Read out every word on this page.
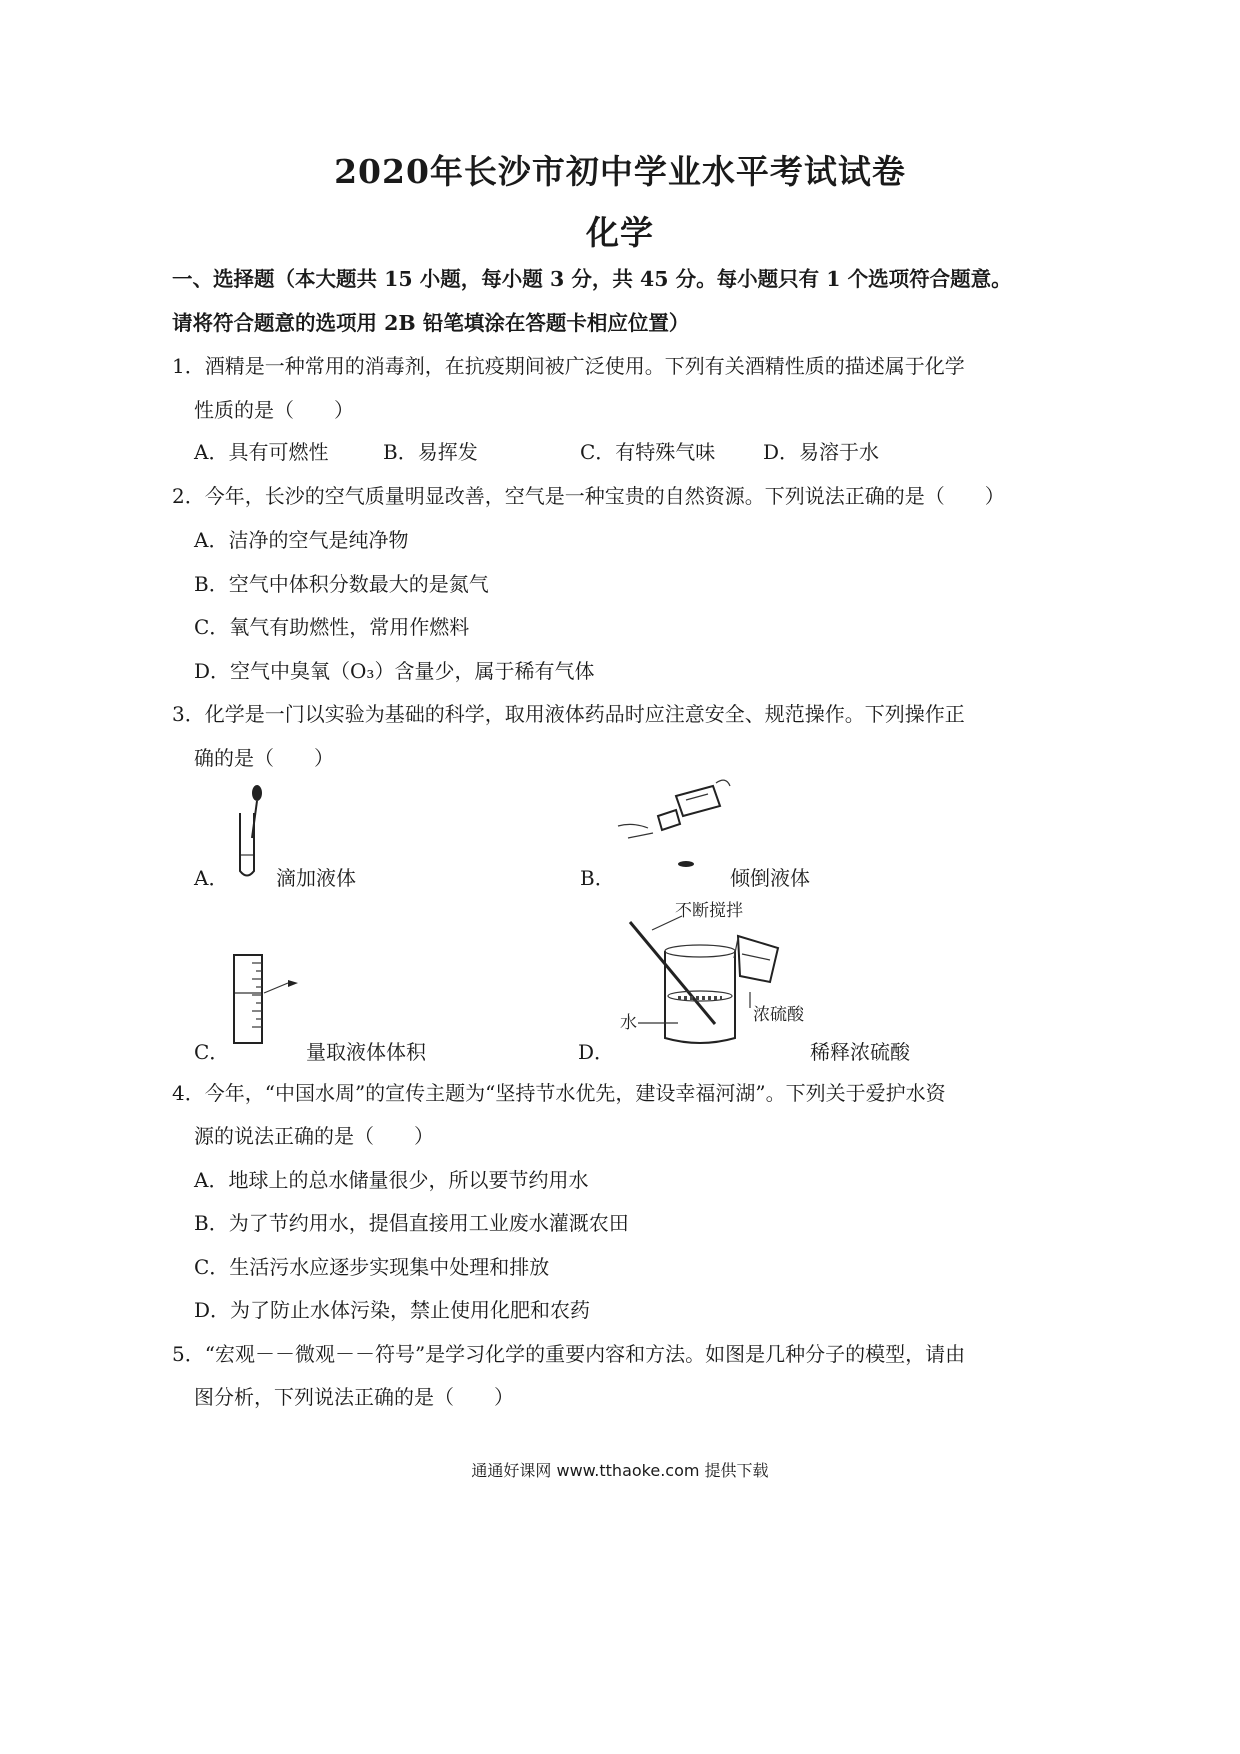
2020年长沙市初中学业水平考试试卷
化学
一、选择题（本大题共 15 小题，每小题 3 分，共 45 分。每小题只有 1 个选项符合题意。
请将符合题意的选项用 2B 铅笔填涂在答题卡相应位置）
1．酒精是一种常用的消毒剂，在抗疫期间被广泛使用。下列有关酒精性质的描述属于化学
性质的是（　　）
A．具有可燃性	B．易挥发	C．有特殊气味 D．易溶于水
2．今年，长沙的空气质量明显改善，空气是一种宝贵的自然资源。下列说法正确的是（　　）
A．洁净的空气是纯净物
B．空气中体积分数最大的是氮气
C．氧气有助燃性，常用作燃料
D．空气中臭氧（O₃）含量少，属于稀有气体
3．化学是一门以实验为基础的科学，取用液体药品时应注意安全、规范操作。下列操作正
确的是（　　）
A． 滴加液体	B．	倾倒液体
C．	量取液体体积
不断搅拌
浓硫酸
水
D．	稀释浓硫酸
4．今年，“中国水周”的宣传主题为“坚持节水优先，建设幸福河湖”。下列关于爱护水资
源的说法正确的是（　　）
A．地球上的总水储量很少，所以要节约用水
B．为了节约用水，提倡直接用工业废水灌溉农田
C．生活污水应逐步实现集中处理和排放
D．为了防止水体污染，禁止使用化肥和农药
5．“宏观－－微观－－符号”是学习化学的重要内容和方法。如图是几种分子的模型，请由
图分析，下列说法正确的是（　　）
通通好课网 www.tthaoke.com 提供下载
